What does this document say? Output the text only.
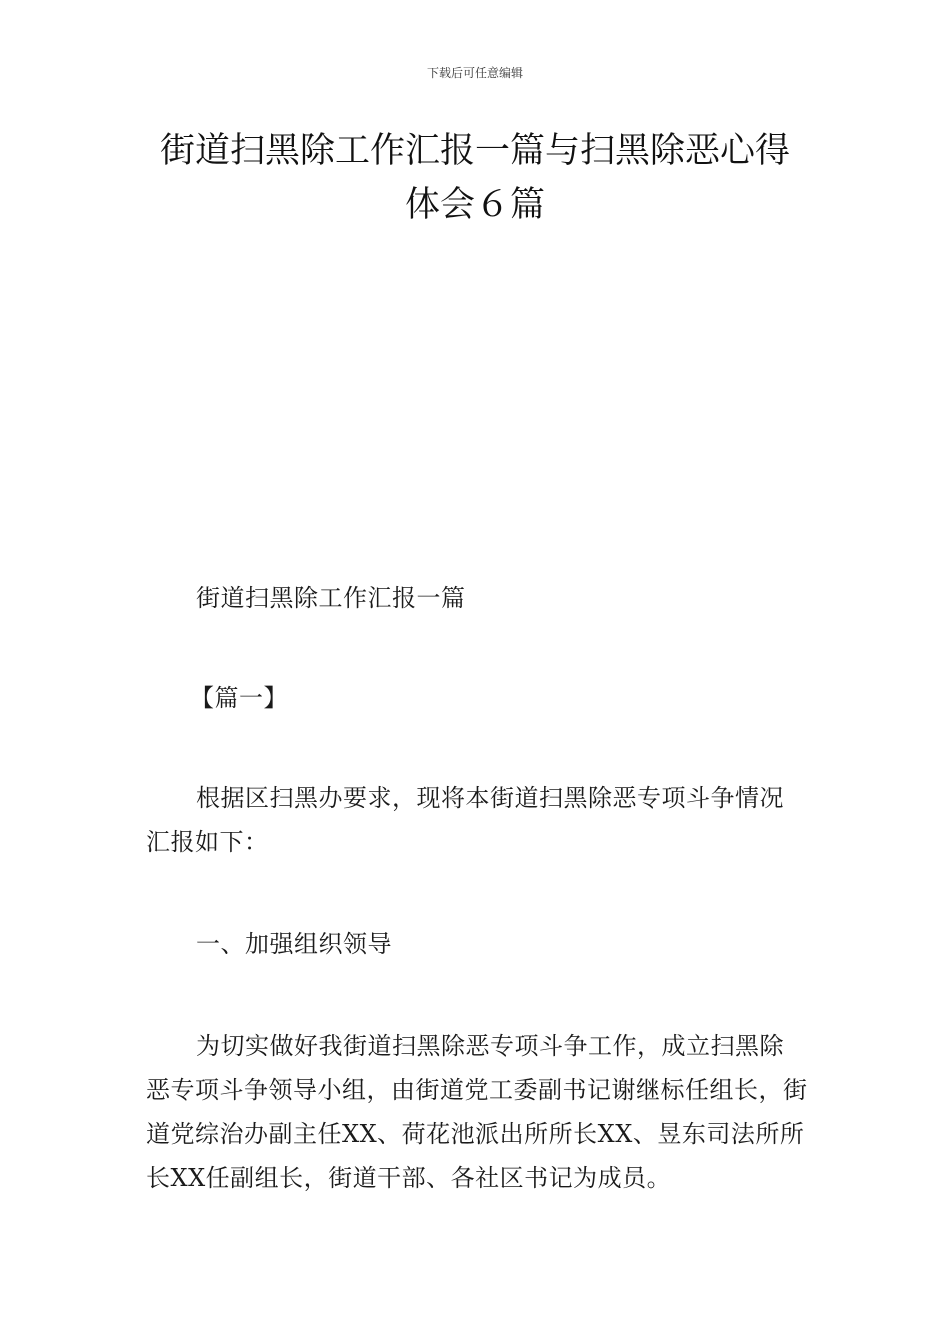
下载后可任意编辑
街道扫黑除工作汇报一篇与扫黑除恶心得
体会６篇

街道扫黑除工作汇报一篇

【篇一】

根据区扫黑办要求，现将本街道扫黑除恶专项斗争情况汇报如下：

一、加强组织领导

为切实做好我街道扫黑除恶专项斗争工作，成立扫黑除恶专项斗争领导小组，由街道党工委副书记谢继标任组长，街道党综治办副主任XX、荷花池派出所所长XX、昱东司法所所长XX任副组长，街道干部、各社区书记为成员。
